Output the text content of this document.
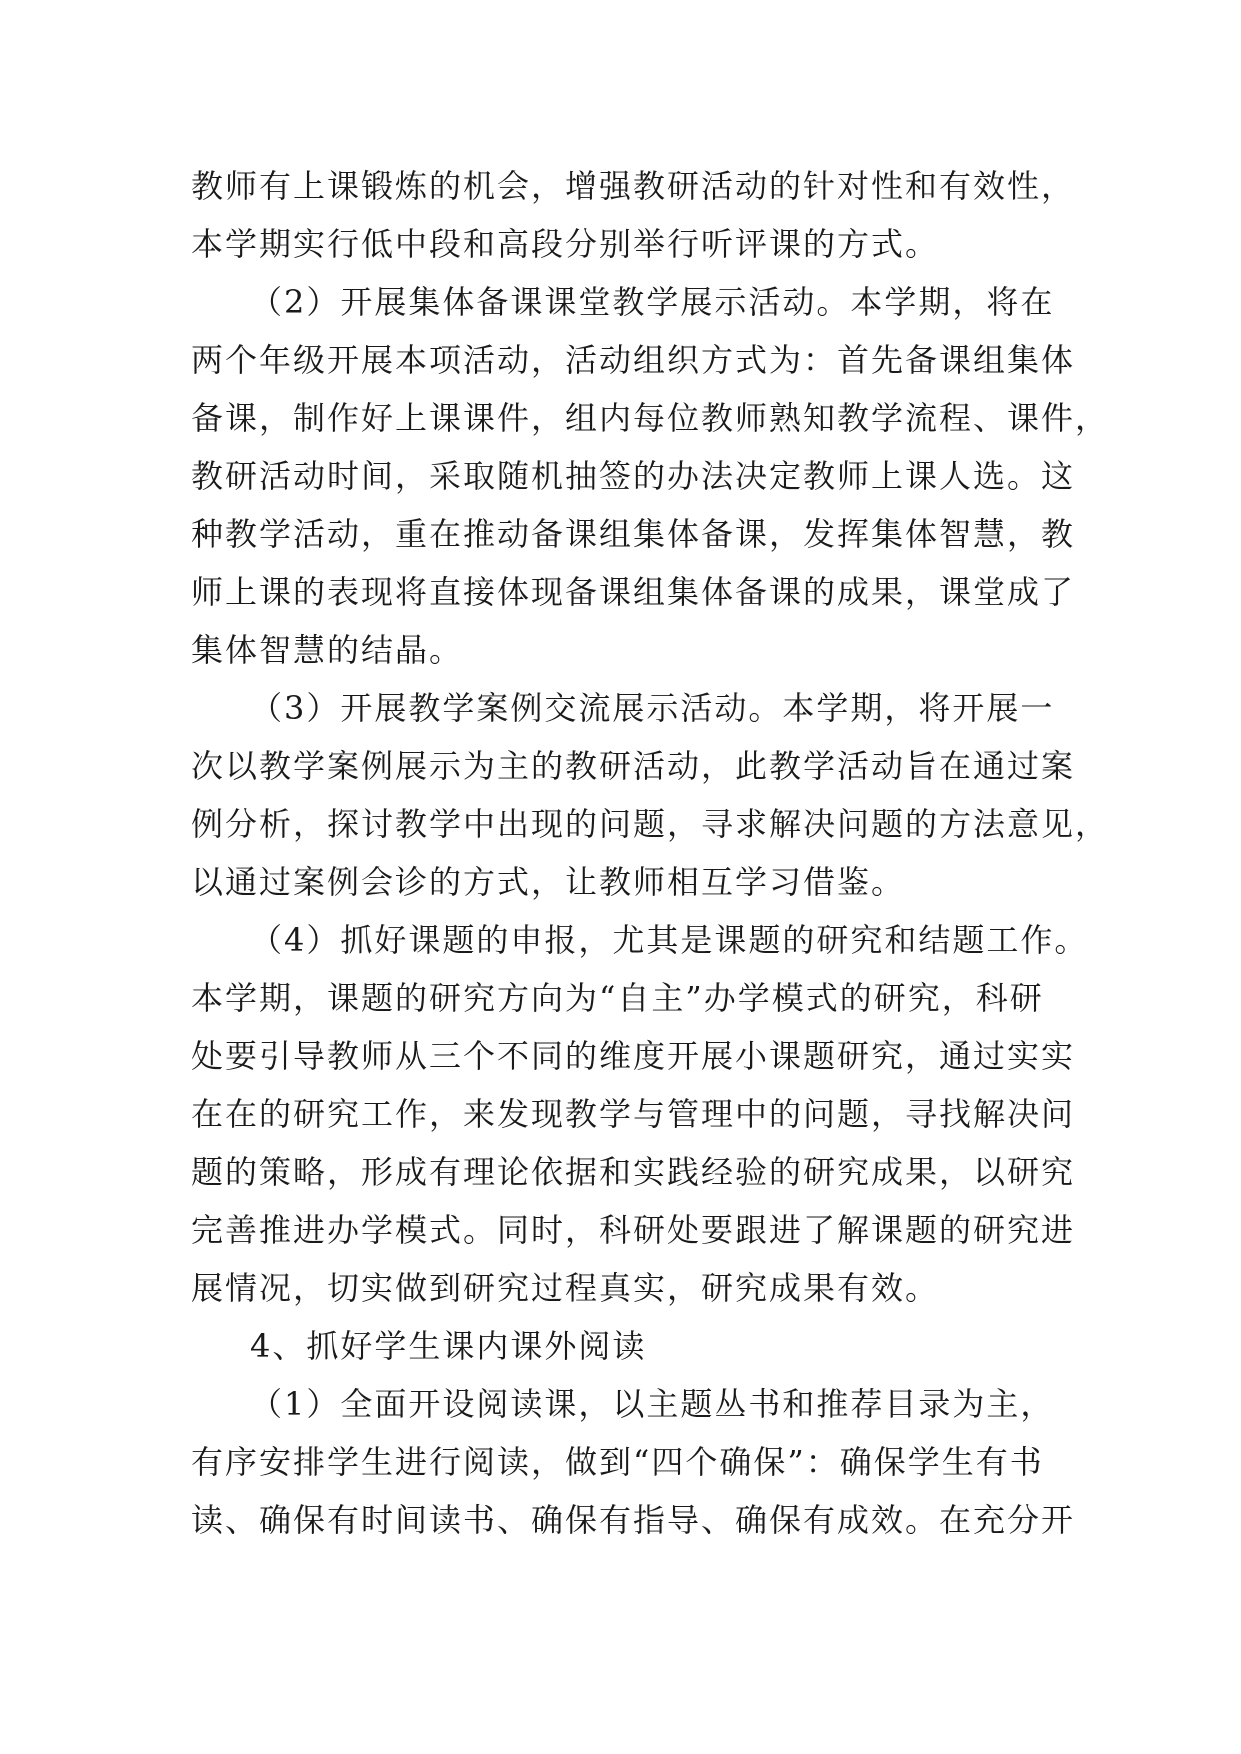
教师有上课锻炼的机会，增强教研活动的针对性和有效性，
本学期实行低中段和高段分别举行听评课的方式。
（2）开展集体备课课堂教学展示活动。本学期，将在
两个年级开展本项活动，活动组织方式为：首先备课组集体
备课，制作好上课课件，组内每位教师熟知教学流程、课件，
教研活动时间，采取随机抽签的办法决定教师上课人选。这
种教学活动，重在推动备课组集体备课，发挥集体智慧，教
师上课的表现将直接体现备课组集体备课的成果，课堂成了
集体智慧的结晶。
（3）开展教学案例交流展示活动。本学期，将开展一
次以教学案例展示为主的教研活动，此教学活动旨在通过案
例分析，探讨教学中出现的问题，寻求解决问题的方法意见，
以通过案例会诊的方式，让教师相互学习借鉴。
（4）抓好课题的申报，尤其是课题的研究和结题工作。
本学期，课题的研究方向为“自主”办学模式的研究，科研
处要引导教师从三个不同的维度开展小课题研究，通过实实
在在的研究工作，来发现教学与管理中的问题，寻找解决问
题的策略，形成有理论依据和实践经验的研究成果，以研究
完善推进办学模式。同时，科研处要跟进了解课题的研究进
展情况，切实做到研究过程真实，研究成果有效。
4、抓好学生课内课外阅读
（1）全面开设阅读课，以主题丛书和推荐目录为主，
有序安排学生进行阅读，做到“四个确保”：确保学生有书
读、确保有时间读书、确保有指导、确保有成效。在充分开
